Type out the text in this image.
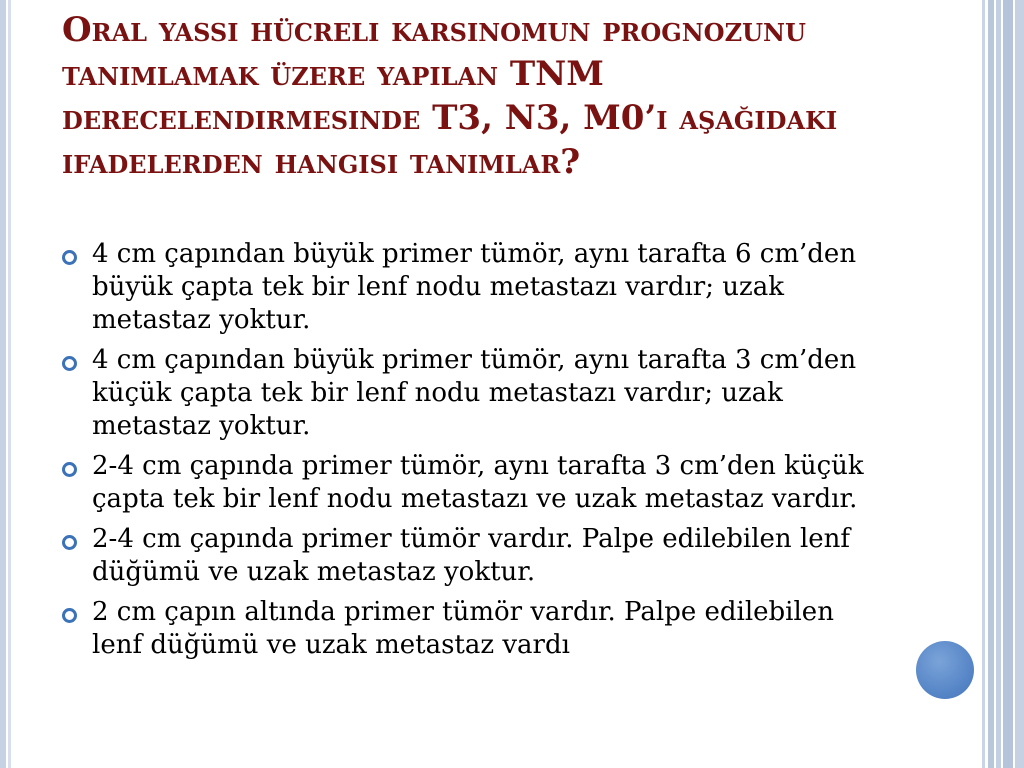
Oral yassı hücreli karsinomun prognozunu tanımlamak üzere yapılan TNM derecelendirmesinde T3, N3, M0’ı aşağıdaki ifadelerden hangisi tanımlar?
4 cm çapından büyük primer tümör, aynı tarafta 6 cm’den büyük çapta tek bir lenf nodu metastazı vardır; uzak metastaz yoktur.
4 cm çapından büyük primer tümör, aynı tarafta 3 cm’den küçük çapta tek bir lenf nodu metastazı vardır; uzak metastaz yoktur.
2-4 cm çapında primer tümör, aynı tarafta 3 cm’den küçük çapta tek bir lenf nodu metastazı ve uzak metastaz vardır.
2-4 cm çapında primer tümör vardır. Palpe edilebilen lenf düğümü ve uzak metastaz yoktur.
2 cm çapın altında primer tümör vardır. Palpe edilebilen lenf düğümü ve uzak metastaz vardı
